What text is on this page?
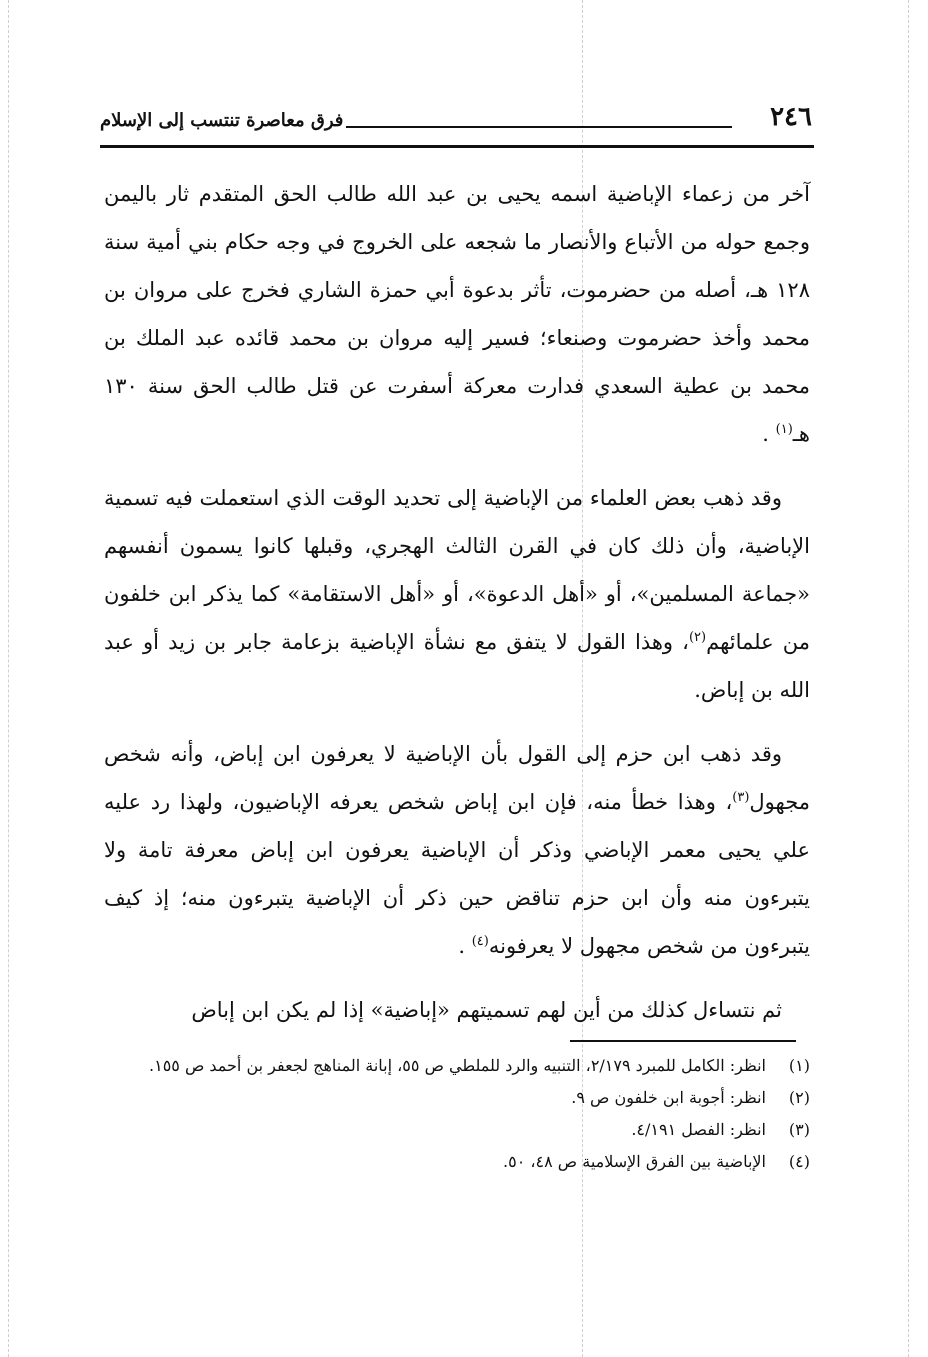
٢٤٦
فرق معاصرة تنتسب إلى الإسلام

آخر من زعماء الإباضية اسمه يحيى بن عبد الله طالب الحق المتقدم ثار باليمن وجمع حوله من الأتباع والأنصار ما شجعه على الخروج في وجه حكام بني أمية سنة ١٢٨ هـ، أصله من حضرموت، تأثر بدعوة أبي حمزة الشاري فخرج على مروان بن محمد وأخذ حضرموت وصنعاء؛ فسير إليه مروان بن محمد قائده عبد الملك بن محمد بن عطية السعدي فدارت معركة أسفرت عن قتل طالب الحق سنة ١٣٠ هـ$^{(١)}$ .

وقد ذهب بعض العلماء من الإباضية إلى تحديد الوقت الذي استعملت فيه تسمية الإباضية، وأن ذلك كان في القرن الثالث الهجري، وقبلها كانوا يسمون أنفسهم «جماعة المسلمين»، أو «أهل الدعوة»، أو «أهل الاستقامة» كما يذكر ابن خلفون من علمائهم$^{(٢)}$، وهذا القول لا يتفق مع نشأة الإباضية بزعامة جابر بن زيد أو عبد الله بن إباض.

وقد ذهب ابن حزم إلى القول بأن الإباضية لا يعرفون ابن إباض، وأنه شخص مجهول$^{(٣)}$، وهذا خطأ منه، فإن ابن إباض شخص يعرفه الإباضيون، ولهذا رد عليه علي يحيى معمر الإباضي وذكر أن الإباضية يعرفون ابن إباض معرفة تامة ولا يتبرءون منه وأن ابن حزم تناقض حين ذكر أن الإباضية يتبرءون منه؛ إذ كيف يتبرءون من شخص مجهول لا يعرفونه$^{(٤)}$ .

ثم نتساءل كذلك من أين لهم تسميتهم «إباضية» إذا لم يكن ابن إباض

(١)انظر: الكامل للمبرد ٢/١٧٩، التنبيه والرد للملطي ص ٥٥، إبانة المناهج لجعفر بن أحمد ص ١٥٥.
(٢)انظر: أجوبة ابن خلفون ص ٩.
(٣)انظر: الفصل ٤/١٩١.
(٤)الإباضية بين الفرق الإسلامية ص ٤٨، ٥٠.
